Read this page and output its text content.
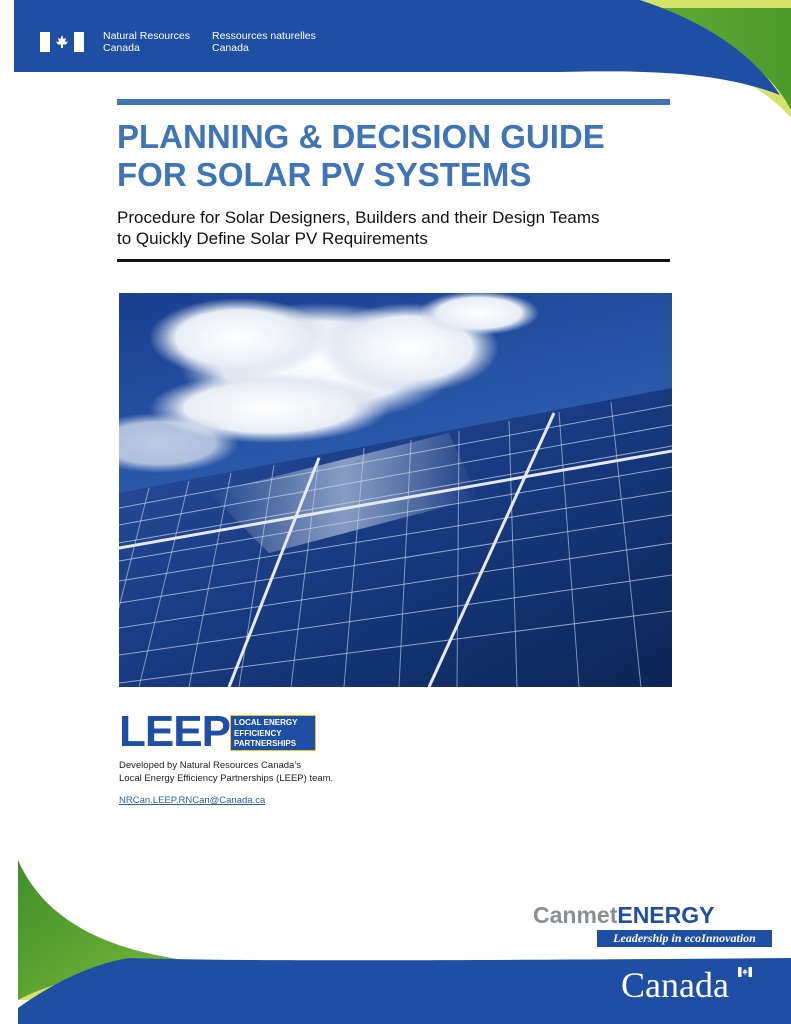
Natural Resources
Canada
Ressources naturelles
Canada
PLANNING & DECISION GUIDE
FOR SOLAR PV SYSTEMS
Procedure for Solar Designers, Builders and their Design Teams
to Quickly Define Solar PV Requirements
LEEP LOCAL ENERGY
EFFICIENCY
PARTNERSHIPS

Developed by Natural Resources Canada’s
Local Energy Efficiency Partnerships (LEEP) team.

NRCan.LEEP.RNCan@Canada.ca
CanmetENERGY
Leadership in ecoInnovation
Canada
